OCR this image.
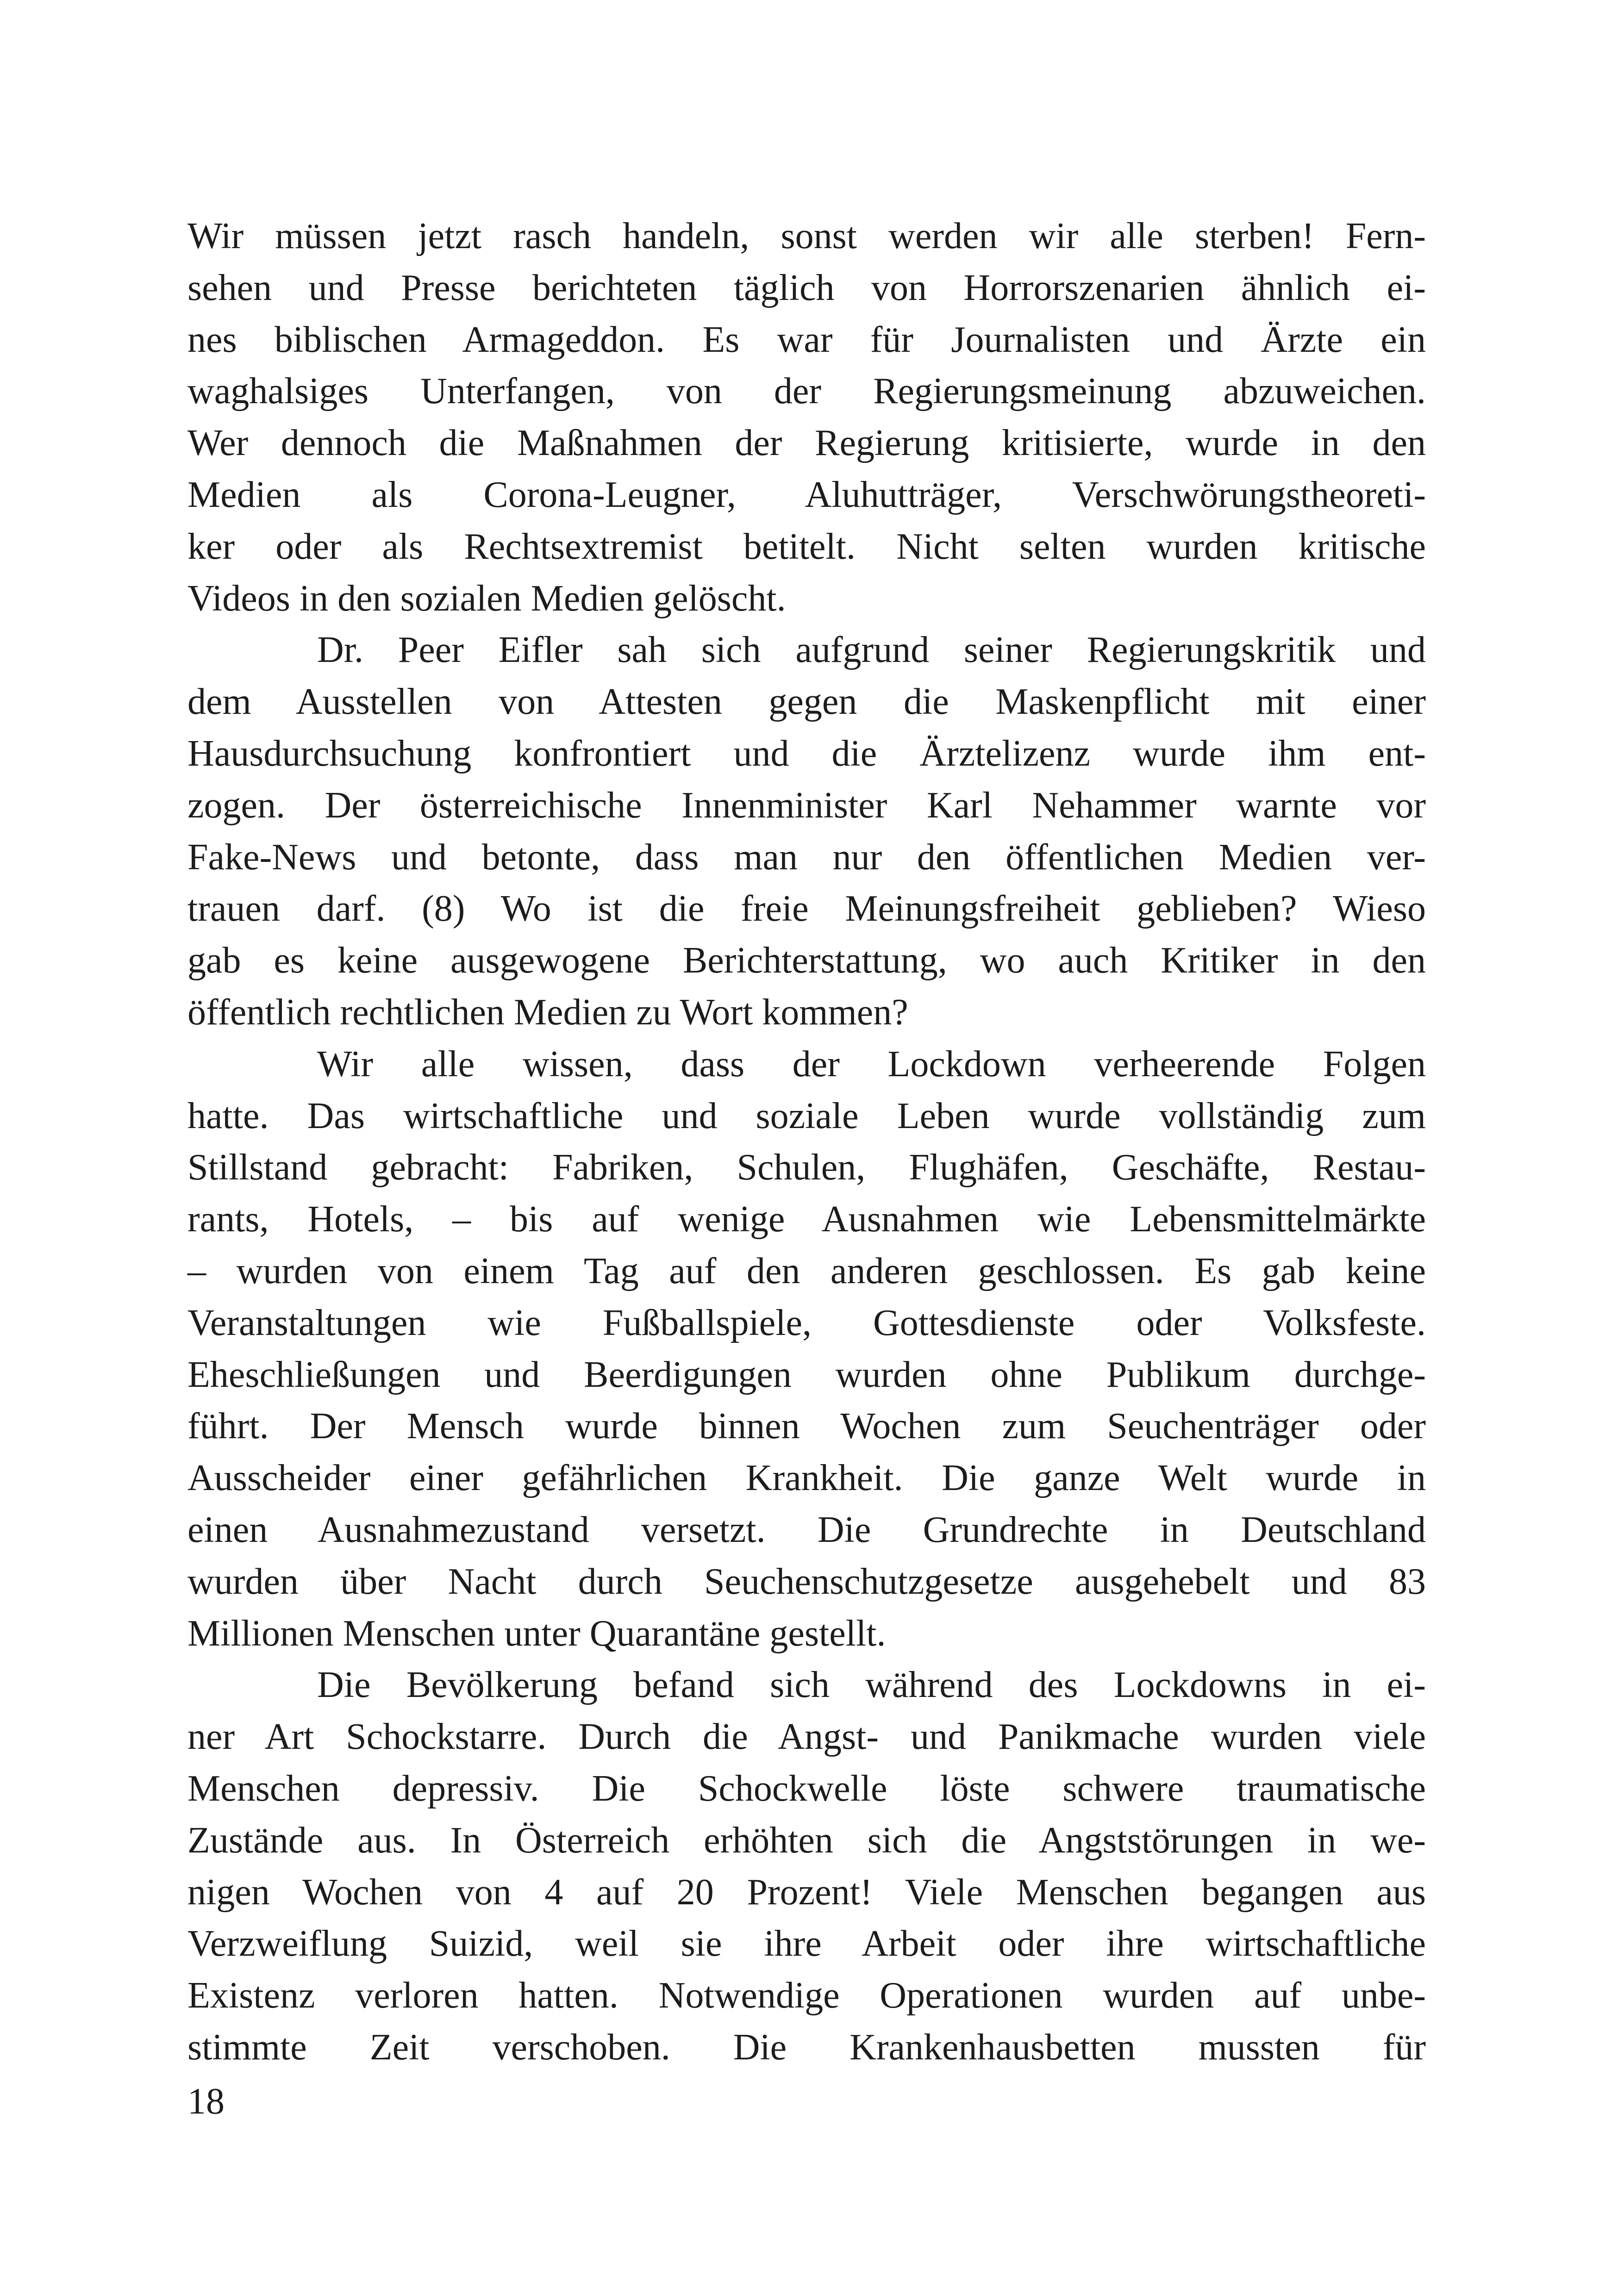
Wir müssen jetzt rasch handeln, sonst werden wir alle sterben! Fern-
sehen und Presse berichteten täglich von Horrorszenarien ähnlich ei-
nes biblischen Armageddon. Es war für Journalisten und Ärzte ein
waghalsiges Unterfangen, von der Regierungsmeinung abzuweichen.
Wer dennoch die Maßnahmen der Regierung kritisierte, wurde in den
Medien als Corona-Leugner, Aluhutträger, Verschwörungstheoreti-
ker oder als Rechtsextremist betitelt. Nicht selten wurden kritische
Videos in den sozialen Medien gelöscht.
Dr. Peer Eifler sah sich aufgrund seiner Regierungskritik und
dem Ausstellen von Attesten gegen die Maskenpflicht mit einer
Hausdurchsuchung konfrontiert und die Ärztelizenz wurde ihm ent-
zogen. Der österreichische Innenminister Karl Nehammer warnte vor
Fake-News und betonte, dass man nur den öffentlichen Medien ver-
trauen darf. (8) Wo ist die freie Meinungsfreiheit geblieben? Wieso
gab es keine ausgewogene Berichterstattung, wo auch Kritiker in den
öffentlich rechtlichen Medien zu Wort kommen?
Wir alle wissen, dass der Lockdown verheerende Folgen
hatte. Das wirtschaftliche und soziale Leben wurde vollständig zum
Stillstand gebracht: Fabriken, Schulen, Flughäfen, Geschäfte, Restau-
rants, Hotels, – bis auf wenige Ausnahmen wie Lebensmittelmärkte
– wurden von einem Tag auf den anderen geschlossen. Es gab keine
Veranstaltungen wie Fußballspiele, Gottesdienste oder Volksfeste.
Eheschließungen und Beerdigungen wurden ohne Publikum durchge-
führt. Der Mensch wurde binnen Wochen zum Seuchenträger oder
Ausscheider einer gefährlichen Krankheit. Die ganze Welt wurde in
einen Ausnahmezustand versetzt. Die Grundrechte in Deutschland
wurden über Nacht durch Seuchenschutzgesetze ausgehebelt und 83
Millionen Menschen unter Quarantäne gestellt.
Die Bevölkerung befand sich während des Lockdowns in ei-
ner Art Schockstarre. Durch die Angst- und Panikmache wurden viele
Menschen depressiv. Die Schockwelle löste schwere traumatische
Zustände aus. In Österreich erhöhten sich die Angststörungen in we-
nigen Wochen von 4 auf 20 Prozent! Viele Menschen begangen aus
Verzweiflung Suizid, weil sie ihre Arbeit oder ihre wirtschaftliche
Existenz verloren hatten. Notwendige Operationen wurden auf unbe-
stimmte Zeit verschoben. Die Krankenhausbetten mussten für
18
